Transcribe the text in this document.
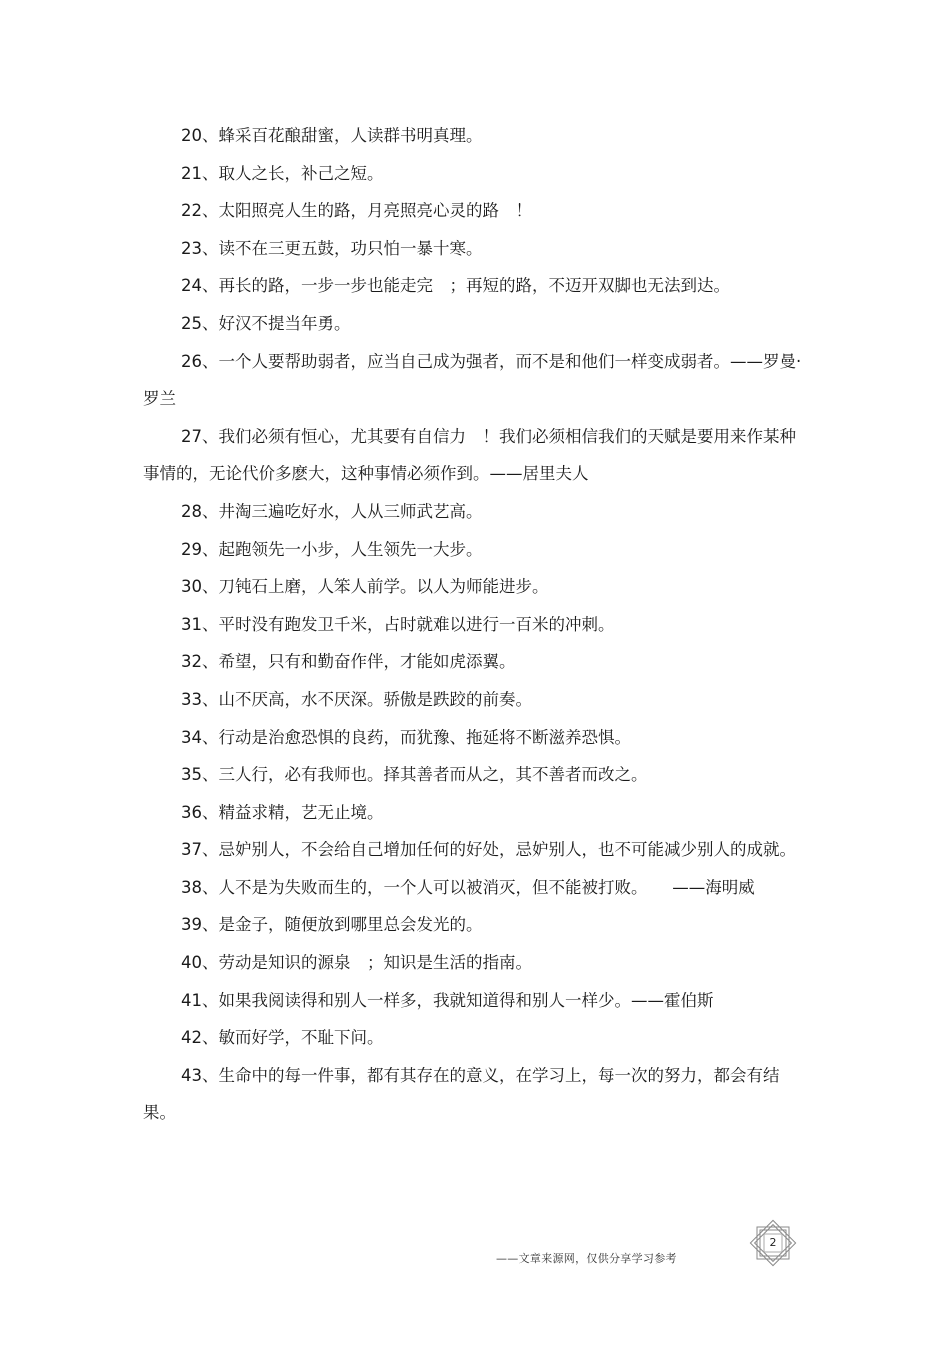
20、蜂采百花酿甜蜜，人读群书明真理。

21、取人之长，补己之短。

22、太阳照亮人生的路，月亮照亮心灵的路　！

23、读不在三更五鼓，功只怕一暴十寒。

24、再长的路，一步一步也能走完　；再短的路，不迈开双脚也无法到达。

25、好汉不提当年勇。

26、一个人要帮助弱者，应当自己成为强者，而不是和他们一样变成弱者。——罗曼·罗兰

27、我们必须有恒心，尤其要有自信力　！我们必须相信我们的天赋是要用来作某种事情的，无论代价多麽大，这种事情必须作到。——居里夫人

28、井淘三遍吃好水，人从三师武艺高。

29、起跑领先一小步，人生领先一大步。

30、刀钝石上磨，人笨人前学。以人为师能进步。

31、平时没有跑发卫千米，占时就难以进行一百米的冲刺。

32、希望，只有和勤奋作伴，才能如虎添翼。

33、山不厌高，水不厌深。骄傲是跌跤的前奏。

34、行动是治愈恐惧的良药，而犹豫、拖延将不断滋养恐惧。

35、三人行，必有我师也。择其善者而从之，其不善者而改之。

36、精益求精，艺无止境。

37、忌妒别人，不会给自己增加任何的好处，忌妒别人，也不可能减少别人的成就。

38、人不是为失败而生的，一个人可以被消灭，但不能被打败。　　——海明威

39、是金子，随便放到哪里总会发光的。

40、劳动是知识的源泉　；知识是生活的指南。

41、如果我阅读得和别人一样多，我就知道得和别人一样少。——霍伯斯

42、敏而好学，不耻下问。

43、生命中的每一件事，都有其存在的意义，在学习上，每一次的努力，都会有结果。

——文章来源网，仅供分享学习参考
2
